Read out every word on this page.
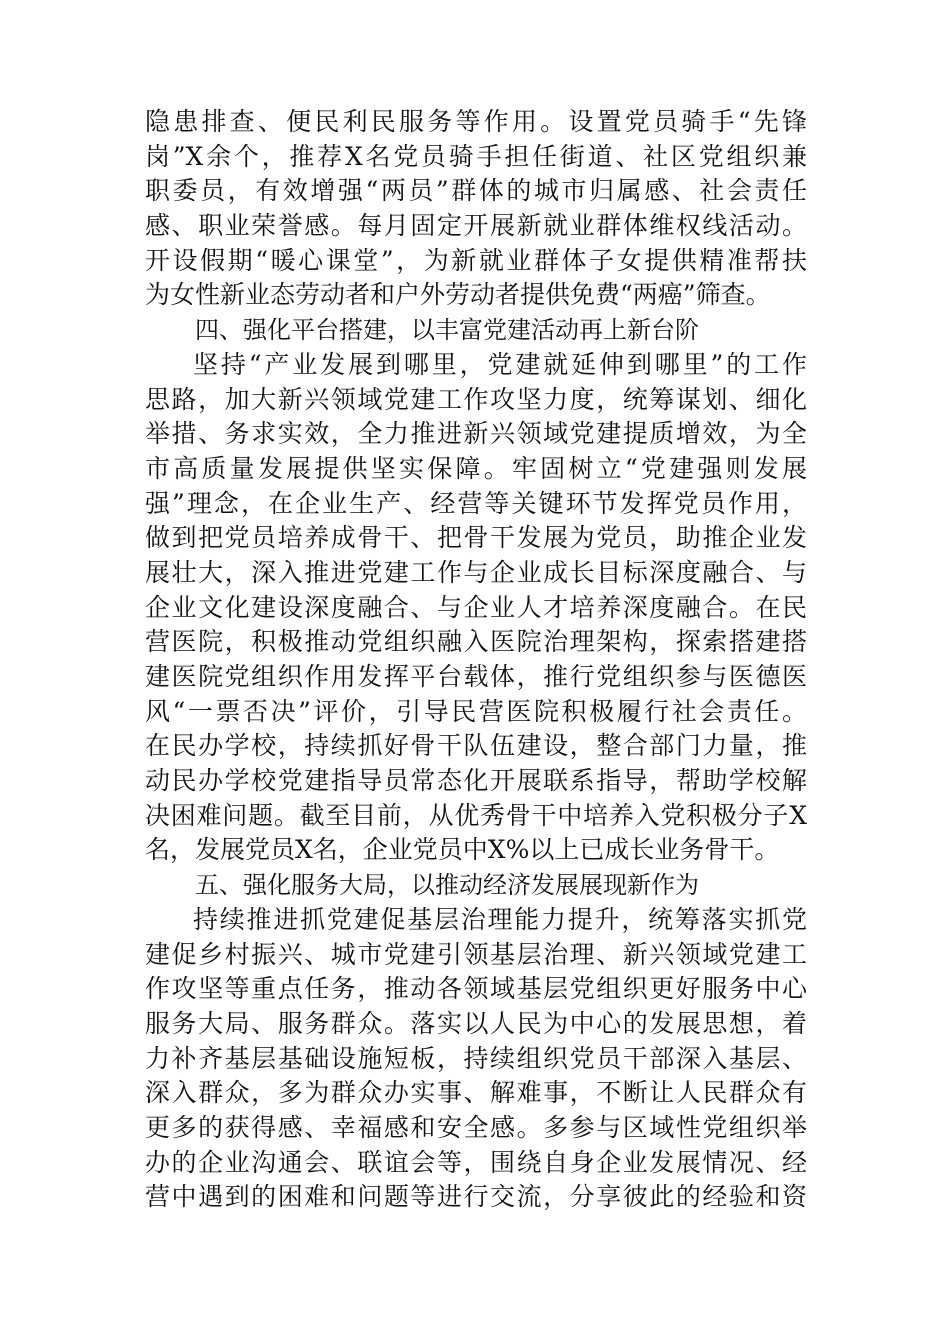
隐患排查、便民利民服务等作用。设置党员骑手“先锋
岗”X余个，推荐X名党员骑手担任街道、社区党组织兼
职委员，有效增强“两员”群体的城市归属感、社会责任
感、职业荣誉感。每月固定开展新就业群体维权线活动。
开设假期“暖心课堂”，为新就业群体子女提供精准帮扶
为女性新业态劳动者和户外劳动者提供免费“两癌”筛查。
四、强化平台搭建，以丰富党建活动再上新台阶
坚持“产业发展到哪里，党建就延伸到哪里”的工作
思路，加大新兴领域党建工作攻坚力度，统筹谋划、细化
举措、务求实效，全力推进新兴领域党建提质增效，为全
市高质量发展提供坚实保障。牢固树立“党建强则发展
强”理念，在企业生产、经营等关键环节发挥党员作用，
做到把党员培养成骨干、把骨干发展为党员，助推企业发
展壮大，深入推进党建工作与企业成长目标深度融合、与
企业文化建设深度融合、与企业人才培养深度融合。在民
营医院，积极推动党组织融入医院治理架构，探索搭建搭
建医院党组织作用发挥平台载体，推行党组织参与医德医
风“一票否决”评价，引导民营医院积极履行社会责任。
在民办学校，持续抓好骨干队伍建设，整合部门力量，推
动民办学校党建指导员常态化开展联系指导，帮助学校解
决困难问题。截至目前，从优秀骨干中培养入党积极分子X
名，发展党员X名，企业党员中X%以上已成长业务骨干。
五、强化服务大局，以推动经济发展展现新作为
持续推进抓党建促基层治理能力提升，统筹落实抓党
建促乡村振兴、城市党建引领基层治理、新兴领域党建工
作攻坚等重点任务，推动各领域基层党组织更好服务中心
服务大局、服务群众。落实以人民为中心的发展思想，着
力补齐基层基础设施短板，持续组织党员干部深入基层、
深入群众，多为群众办实事、解难事，不断让人民群众有
更多的获得感、幸福感和安全感。多参与区域性党组织举
办的企业沟通会、联谊会等，围绕自身企业发展情况、经
营中遇到的困难和问题等进行交流，分享彼此的经验和资
